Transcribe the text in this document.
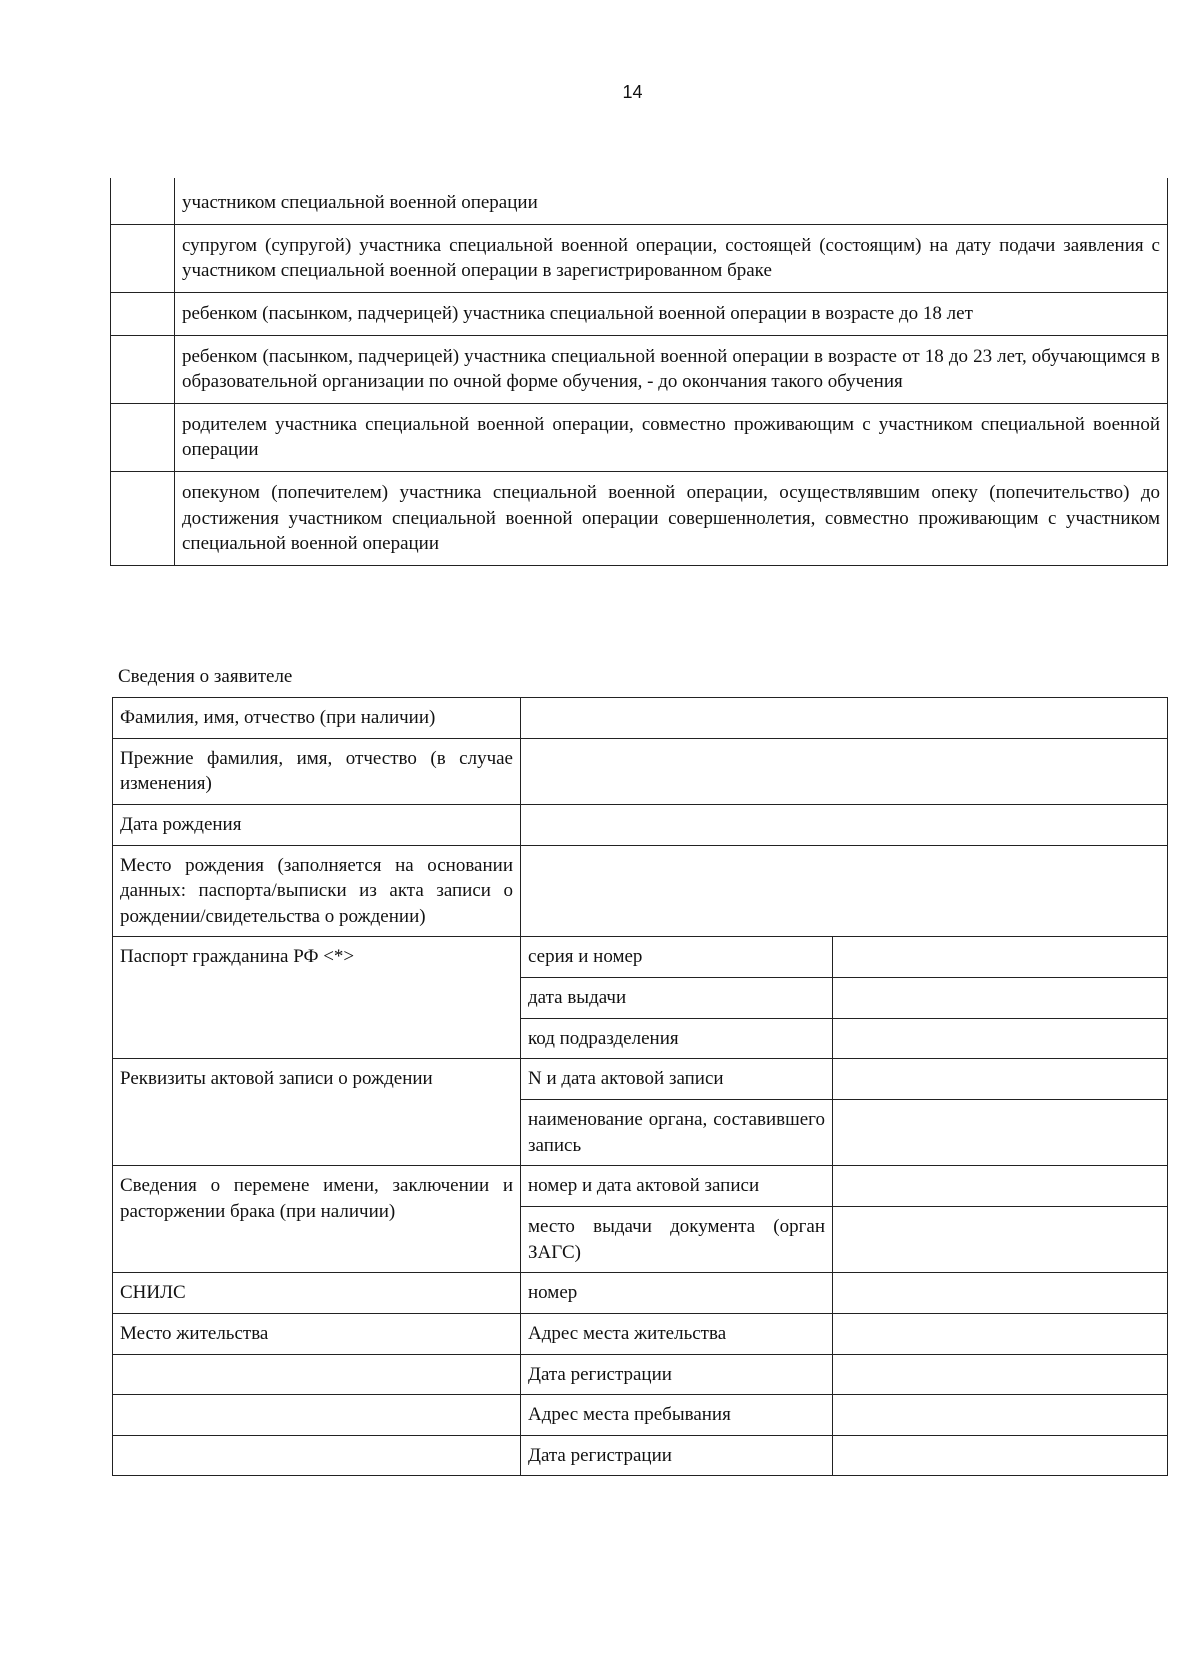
14
	участником специальной военной операции
	супругом (супругой) участника специальной военной операции, состоящей (состоящим) на дату подачи заявления с участником специальной военной операции в зарегистрированном браке
	ребенком (пасынком, падчерицей) участника специальной военной операции в возрасте до 18 лет
	ребенком (пасынком, падчерицей) участника специальной военной операции в возрасте от 18 до 23 лет, обучающимся в образовательной организации по очной форме обучения, - до окончания такого обучения
	родителем участника специальной военной операции, совместно проживающим с участником специальной военной операции
	опекуном (попечителем) участника специальной военной операции, осуществлявшим опеку (попечительство) до достижения участником специальной военной операции совершеннолетия, совместно проживающим с участником специальной военной операции
Сведения о заявителе
Фамилия, имя, отчество (при наличии)		
Прежние фамилия, имя, отчество (в случае изменения)		
Дата рождения		
Место рождения (заполняется на основании данных: паспорта/выписки из акта записи о рождении/свидетельства о рождении)		
Паспорт гражданина РФ <*>	серия и номер	
	дата выдачи	
	код подразделения	
Реквизиты актовой записи о рождении	N и дата актовой записи	
	наименование органа, составившего запись	
Сведения о перемене имени, заключении и расторжении брака (при наличии)	номер и дата актовой записи	
	место выдачи документа (орган ЗАГС)	
СНИЛС	номер	
Место жительства	Адрес места жительства	
	Дата регистрации	
	Адрес места пребывания	
	Дата регистрации	
